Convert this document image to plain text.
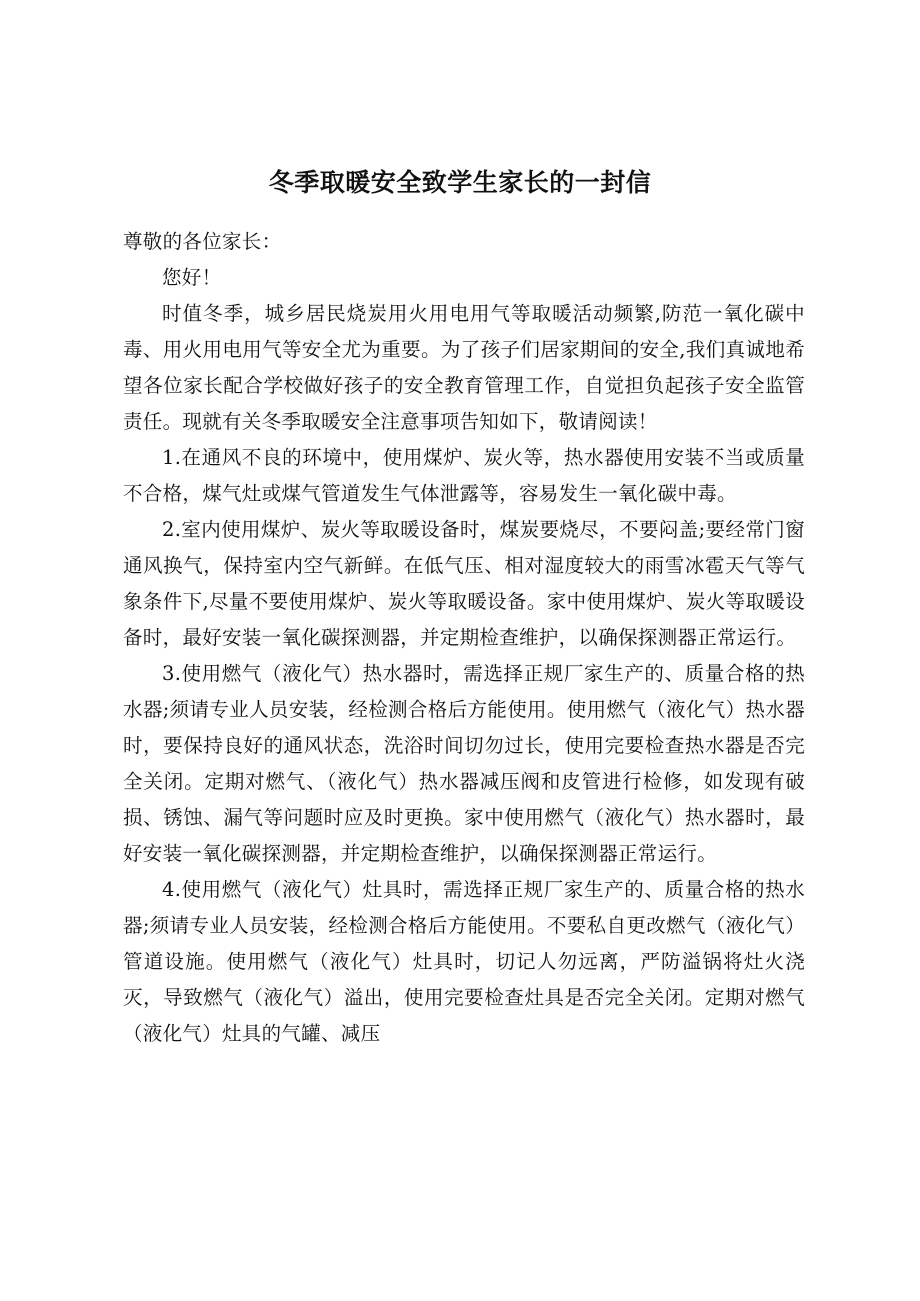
冬季取暖安全致学生家长的一封信

尊敬的各位家长：

您好！

时值冬季，城乡居民烧炭用火用电用气等取暖活动频繁,防范一氧化碳中毒、用火用电用气等安全尤为重要。为了孩子们居家期间的安全,我们真诚地希望各位家长配合学校做好孩子的安全教育管理工作，自觉担负起孩子安全监管责任。现就有关冬季取暖安全注意事项告知如下，敬请阅读！

1.在通风不良的环境中，使用煤炉、炭火等，热水器使用安装不当或质量不合格，煤气灶或煤气管道发生气体泄露等，容易发生一氧化碳中毒。

2.室内使用煤炉、炭火等取暖设备时，煤炭要烧尽，不要闷盖;要经常门窗通风换气，保持室内空气新鲜。在低气压、相对湿度较大的雨雪冰雹天气等气象条件下,尽量不要使用煤炉、炭火等取暖设备。家中使用煤炉、炭火等取暖设备时，最好安装一氧化碳探测器，并定期检查维护，以确保探测器正常运行。

3.使用燃气（液化气）热水器时，需选择正规厂家生产的、质量合格的热水器;须请专业人员安装，经检测合格后方能使用。使用燃气（液化气）热水器时，要保持良好的通风状态，洗浴时间切勿过长，使用完要检查热水器是否完全关闭。定期对燃气、（液化气）热水器减压阀和皮管进行检修，如发现有破损、锈蚀、漏气等问题时应及时更换。家中使用燃气（液化气）热水器时，最好安装一氧化碳探测器，并定期检查维护，以确保探测器正常运行。

4.使用燃气（液化气）灶具时，需选择正规厂家生产的、质量合格的热水器;须请专业人员安装，经检测合格后方能使用。不要私自更改燃气（液化气）管道设施。使用燃气（液化气）灶具时，切记人勿远离，严防溢锅将灶火浇灭，导致燃气（液化气）溢出，使用完要检查灶具是否完全关闭。定期对燃气（液化气）灶具的气罐、减压
